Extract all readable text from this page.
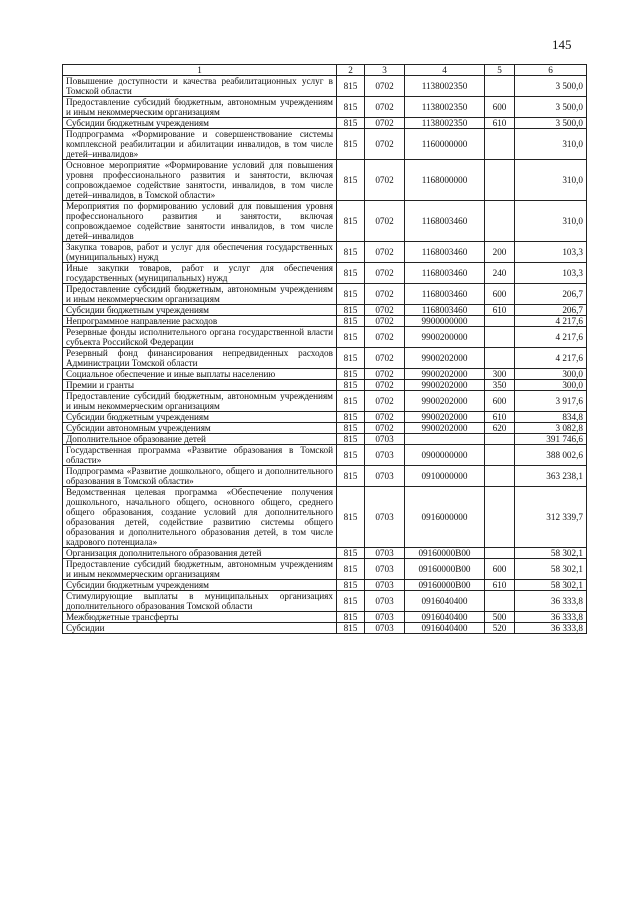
145
1	2	3	4	5	6
Повышение доступности и качества реабилитационных услуг в Томской области	815	0702	1138002350		3 500,0
Предоставление субсидий бюджетным, автономным учреждениям и иным некоммерческим организациям	815	0702	1138002350	600	3 500,0
Субсидии бюджетным учреждениям	815	0702	1138002350	610	3 500,0
Подпрограмма «Формирование и совершенствование системы комплексной реабилитации и абилитации инвалидов, в том числе детей–инвалидов»	815	0702	1160000000		310,0
Основное мероприятие «Формирование условий для повышения уровня профессионального развития и занятости, включая сопровождаемое содействие занятости, инвалидов, в том числе детей–инвалидов, в Томской области»	815	0702	1168000000		310,0
Мероприятия по формированию условий для повышения уровня профессионального развития и занятости, включая сопровождаемое содействие занятости инвалидов, в том числе детей–инвалидов	815	0702	1168003460		310,0
Закупка товаров, работ и услуг для обеспечения государственных (муниципальных) нужд	815	0702	1168003460	200	103,3
Иные закупки товаров, работ и услуг для обеспечения государственных (муниципальных) нужд	815	0702	1168003460	240	103,3
Предоставление субсидий бюджетным, автономным учреждениям и иным некоммерческим организациям	815	0702	1168003460	600	206,7
Субсидии бюджетным учреждениям	815	0702	1168003460	610	206,7
Непрограммное направление расходов	815	0702	9900000000		4 217,6
Резервные фонды исполнительного органа государственной власти субъекта Российской Федерации	815	0702	9900200000		4 217,6
Резервный фонд финансирования непредвиденных расходов Администрации Томской области	815	0702	9900202000		4 217,6
Социальное обеспечение и иные выплаты населению	815	0702	9900202000	300	300,0
Премии и гранты	815	0702	9900202000	350	300,0
Предоставление субсидий бюджетным, автономным учреждениям и иным некоммерческим организациям	815	0702	9900202000	600	3 917,6
Субсидии бюджетным учреждениям	815	0702	9900202000	610	834,8
Субсидии автономным учреждениям	815	0702	9900202000	620	3 082,8
Дополнительное образование детей	815	0703			391 746,6
Государственная программа «Развитие образования в Томской области»	815	0703	0900000000		388 002,6
Подпрограмма «Развитие дошкольного, общего и дополнительного образования в Томской области»	815	0703	0910000000		363 238,1
Ведомственная целевая программа «Обеспечение получения дошкольного, начального общего, основного общего, среднего общего образования, создание условий для дополнительного образования детей, содействие развитию системы общего образования и дополнительного образования детей, в том числе кадрового потенциала»	815	0703	0916000000		312 339,7
Организация дополнительного образования детей	815	0703	09160000В00		58 302,1
Предоставление субсидий бюджетным, автономным учреждениям и иным некоммерческим организациям	815	0703	09160000В00	600	58 302,1
Субсидии бюджетным учреждениям	815	0703	09160000В00	610	58 302,1
Стимулирующие выплаты в муниципальных организациях дополнительного образования Томской области	815	0703	0916040400		36 333,8
Межбюджетные трансферты	815	0703	0916040400	500	36 333,8
Субсидии	815	0703	0916040400	520	36 333,8
